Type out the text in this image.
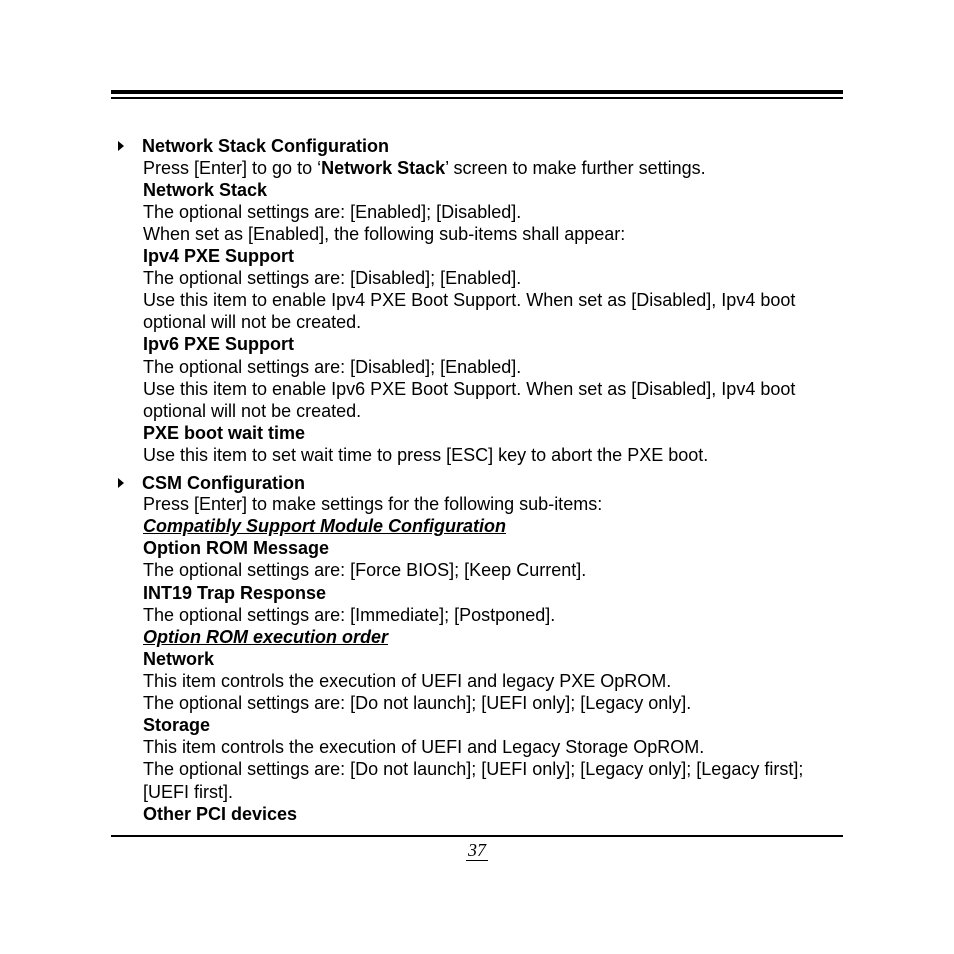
Network Stack Configuration
Press [Enter] to go to ‘Network Stack’ screen to make further settings.
Network Stack
The optional settings are: [Enabled]; [Disabled].
When set as [Enabled], the following sub-items shall appear:
Ipv4 PXE Support
The optional settings are: [Disabled]; [Enabled].
Use this item to enable Ipv4 PXE Boot Support. When set as [Disabled], Ipv4 boot
optional will not be created.
Ipv6 PXE Support
The optional settings are: [Disabled]; [Enabled].
Use this item to enable Ipv6 PXE Boot Support. When set as [Disabled], Ipv4 boot
optional will not be created.
PXE boot wait time
Use this item to set wait time to press [ESC] key to abort the PXE boot.
CSM Configuration
Press [Enter] to make settings for the following sub-items:
Compatibly Support Module Configuration
Option ROM Message
The optional settings are: [Force BIOS]; [Keep Current].
INT19 Trap Response
The optional settings are: [Immediate]; [Postponed].
Option ROM execution order
Network
This item controls the execution of UEFI and legacy PXE OpROM.
The optional settings are: [Do not launch]; [UEFI only]; [Legacy only].
Storage
This item controls the execution of UEFI and Legacy Storage OpROM.
The optional settings are: [Do not launch]; [UEFI only]; [Legacy only]; [Legacy first];
[UEFI first].
Other PCI devices
37
